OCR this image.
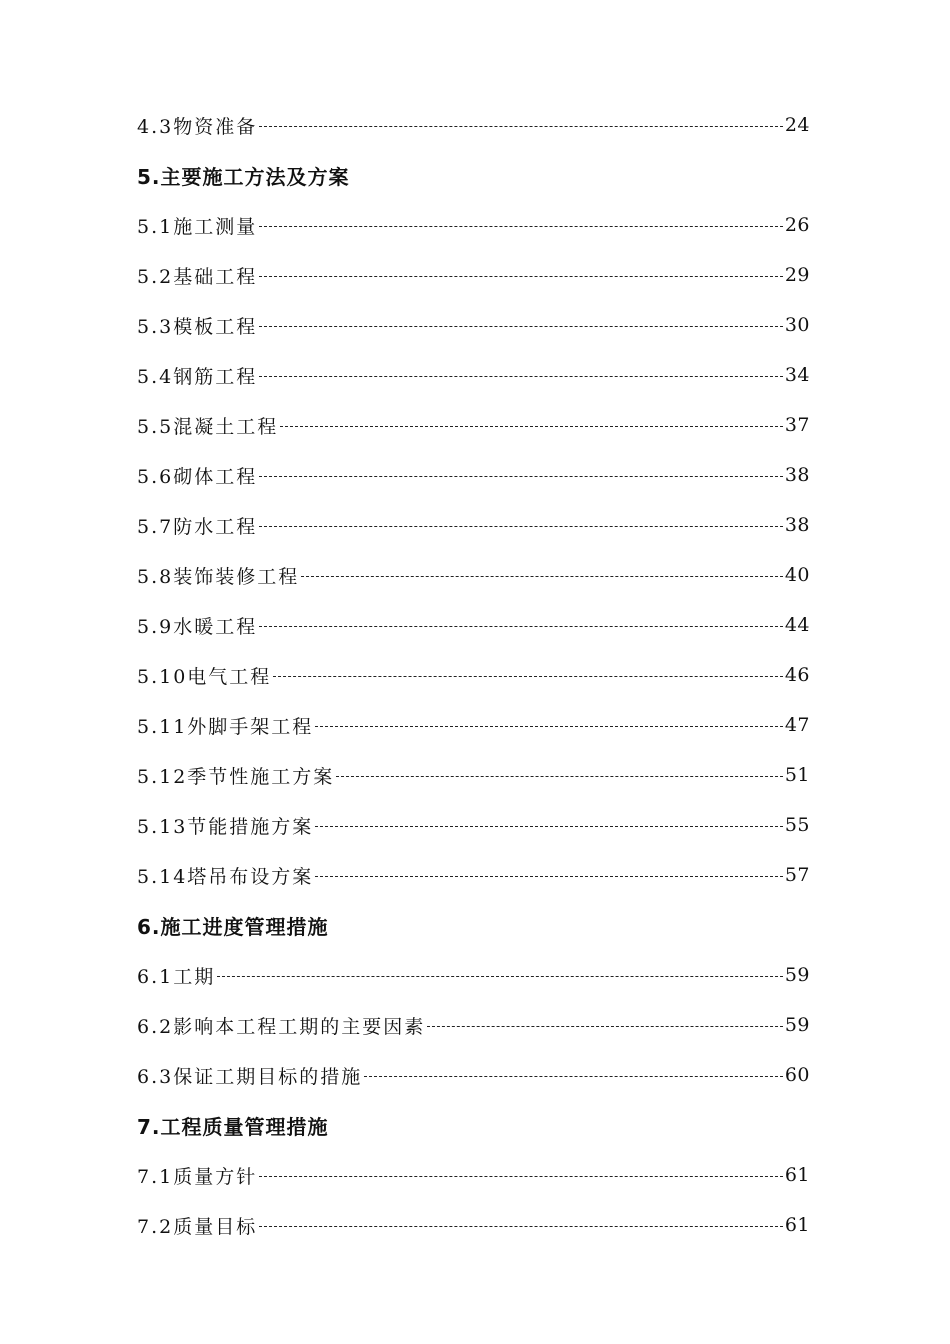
4.3物资准备	24
5.主要施工方法及方案
5.1施工测量	26
5.2基础工程	29
5.3模板工程	30
5.4钢筋工程	34
5.5混凝土工程	37
5.6砌体工程	38
5.7防水工程	38
5.8装饰装修工程	40
5.9水暖工程	44
5.10电气工程	46
5.11外脚手架工程	47
5.12季节性施工方案	51
5.13节能措施方案	55
5.14塔吊布设方案	57
6.施工进度管理措施
6.1工期	59
6.2影响本工程工期的主要因素	59
6.3保证工期目标的措施	60
7.工程质量管理措施
7.1质量方针	61
7.2质量目标	61
